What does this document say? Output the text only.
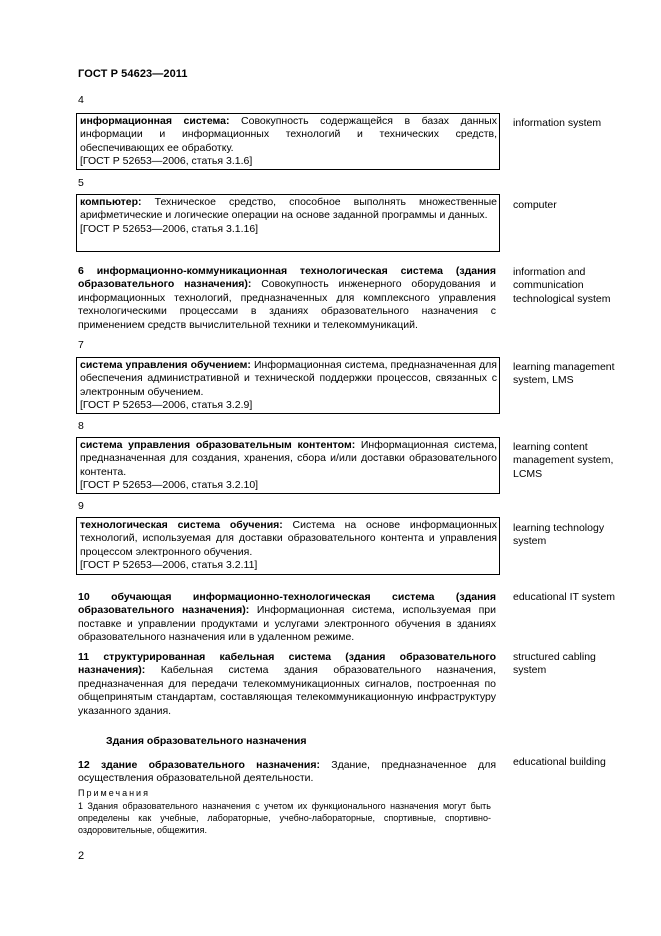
ГОСТ Р 54623—2011
4
информационная система: Совокупность содержащейся в базах данных информации и информационных технологий и технических средств, обеспечивающих ее обработку.
[ГОСТ Р 52653—2006, статья 3.1.6]
information system
5
компьютер: Техническое средство, способное выполнять множественные арифметические и логические операции на основе заданной программы и данных.
[ГОСТ Р 52653—2006, статья 3.1.16]
computer
6 информационно-коммуникационная технологическая система (здания образовательного назначения): Совокупность инженерного оборудования и информационных технологий, предназначенных для комплексного управления технологическими процессами в зданиях образовательного назначения с применением средств вычислительной техники и телекоммуникаций.
information and communication technological system
7
система управления обучением: Информационная система, предназначенная для обеспечения административной и технической поддержки процессов, связанных с электронным обучением.
[ГОСТ Р 52653—2006, статья 3.2.9]
learning management system, LMS
8
система управления образовательным контентом: Информационная система, предназначенная для создания, хранения, сбора и/или доставки образовательного контента.
[ГОСТ Р 52653—2006, статья 3.2.10]
learning content management system, LCMS
9
технологическая система обучения: Система на основе информационных технологий, используемая для доставки образовательного контента и управления процессом электронного обучения.
[ГОСТ Р 52653—2006, статья 3.2.11]
learning technology system
10 обучающая информационно-технологическая система (здания образовательного назначения): Информационная система, используемая при поставке и управлении продуктами и услугами электронного обучения в зданиях образовательного назначения или в удаленном режиме.
educational IT system
11 структурированная кабельная система (здания образовательного назначения): Кабельная система здания образовательного назначения, предназначенная для передачи телекоммуникационных сигналов, построенная по общепринятым стандартам, составляющая телекоммуникационную инфраструктуру указанного здания.
structured cabling system
Здания образовательного назначения
12 здание образовательного назначения: Здание, предназначенное для осуществления образовательной деятельности.
educational building
Примечания
1 Здания образовательного назначения с учетом их функционального назначения могут быть определены как учебные, лабораторные, учебно-лабораторные, спортивные, спортивно-оздоровительные, общежития.
2
